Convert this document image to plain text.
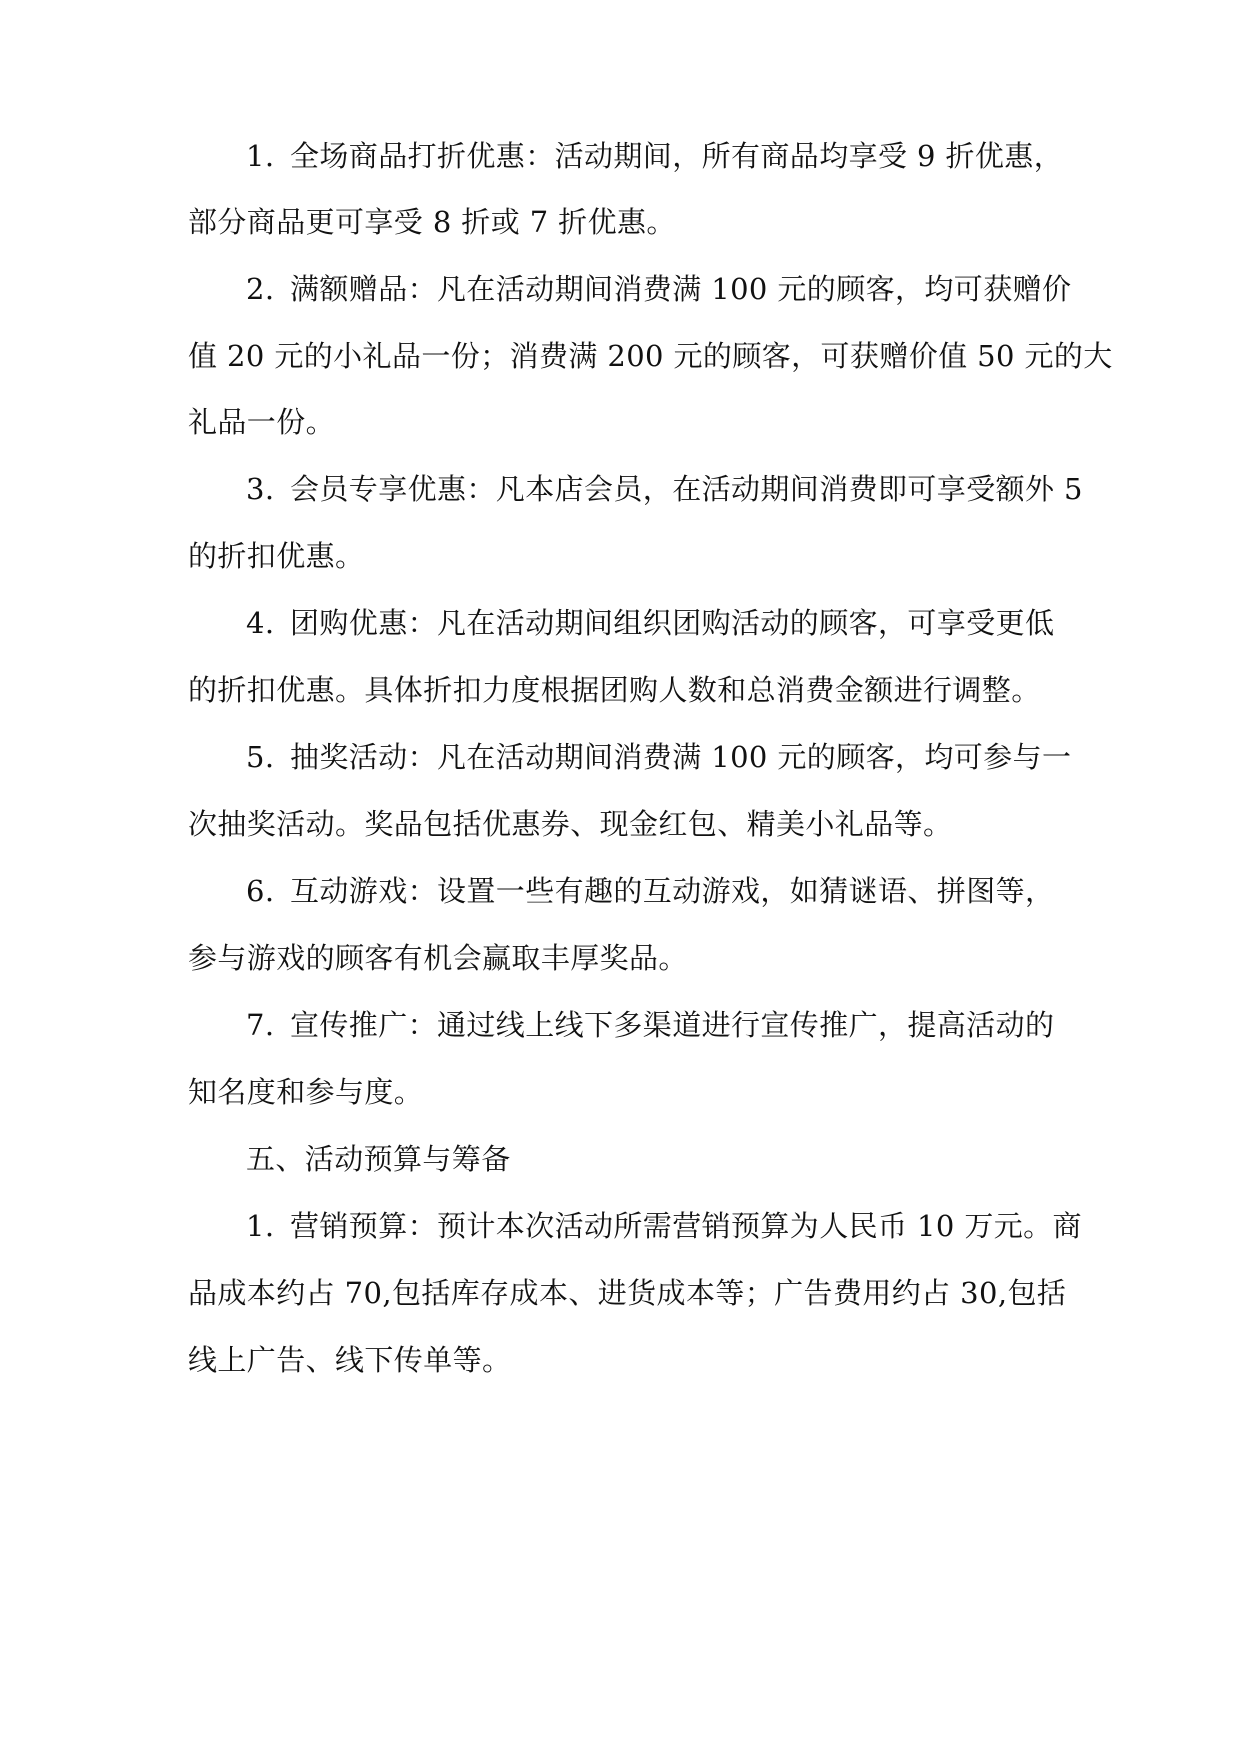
1. 全场商品打折优惠：活动期间，所有商品均享受 9 折优惠，
部分商品更可享受 8 折或 7 折优惠。
2. 满额赠品：凡在活动期间消费满 100 元的顾客，均可获赠价
值 20 元的小礼品一份；消费满 200 元的顾客，可获赠价值 50 元的大
礼品一份。
3. 会员专享优惠：凡本店会员，在活动期间消费即可享受额外 5
的折扣优惠。
4. 团购优惠：凡在活动期间组织团购活动的顾客，可享受更低
的折扣优惠。具体折扣力度根据团购人数和总消费金额进行调整。
5. 抽奖活动：凡在活动期间消费满 100 元的顾客，均可参与一
次抽奖活动。奖品包括优惠券、现金红包、精美小礼品等。
6. 互动游戏：设置一些有趣的互动游戏，如猜谜语、拼图等，
参与游戏的顾客有机会赢取丰厚奖品。
7. 宣传推广：通过线上线下多渠道进行宣传推广，提高活动的
知名度和参与度。
五、活动预算与筹备
1. 营销预算：预计本次活动所需营销预算为人民币 10 万元。商
品成本约占 70,包括库存成本、进货成本等；广告费用约占 30,包括
线上广告、线下传单等。
